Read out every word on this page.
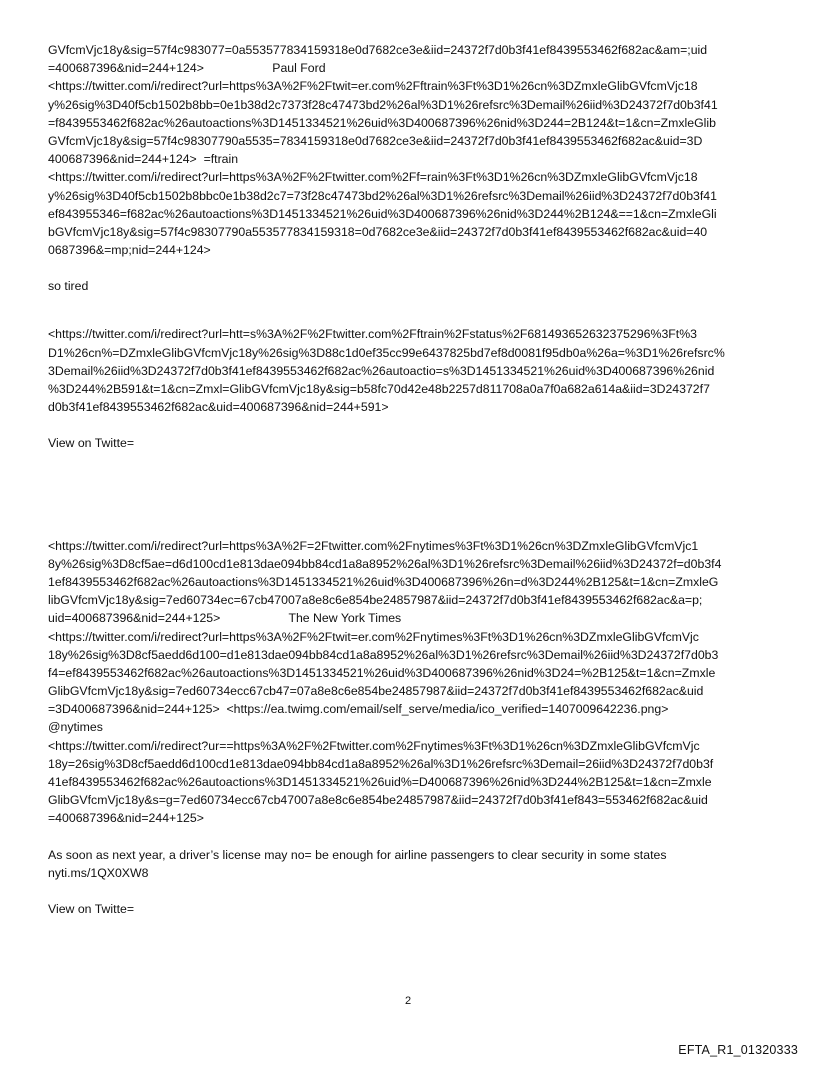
GVfcmVjc18y&sig=57f4c983077=0a553577834159318e0d7682ce3e&iid=24372f7d0b3f41ef8439553462f682ac&am=;uid
=400687396&nid=244+124>                    Paul Ford
<https://twitter.com/i/redirect?url=https%3A%2F%2Ftwit=er.com%2Fftrain%3Ft%3D1%26cn%3DZmxleGlibGVfcmVjc18
y%26sig%3D40f5cb1502b8bb=0e1b38d2c7373f28c47473bd2%26al%3D1%26refsrc%3Demail%26iid%3D24372f7d0b3f41
=f8439553462f682ac%26autoactions%3D1451334521%26uid%3D400687396%26nid%3D244=2B124&t=1&cn=ZmxleGlib
GVfcmVjc18y&sig=57f4c98307790a5535=7834159318e0d7682ce3e&iid=24372f7d0b3f41ef8439553462f682ac&uid=3D
400687396&nid=244+124>  =ftrain
<https://twitter.com/i/redirect?url=https%3A%2F%2Ftwitter.com%2Ff=rain%3Ft%3D1%26cn%3DZmxleGlibGVfcmVjc18
y%26sig%3D40f5cb1502b8bbc0e1b38d2c7=73f28c47473bd2%26al%3D1%26refsrc%3Demail%26iid%3D24372f7d0b3f41
ef843955346=f682ac%26autoactions%3D1451334521%26uid%3D400687396%26nid%3D244%2B124&==1&cn=ZmxleGli
bGVfcmVjc18y&sig=57f4c98307790a553577834159318=0d7682ce3e&iid=24372f7d0b3f41ef8439553462f682ac&uid=40
0687396&=mp;nid=244+124>
so tired
<https://twitter.com/i/redirect?url=htt=s%3A%2F%2Ftwitter.com%2Fftrain%2Fstatus%2F681493652632375296%3Ft%3
D1%26cn%=DZmxleGlibGVfcmVjc18y%26sig%3D88c1d0ef35cc99e6437825bd7ef8d0081f95db0a%26a=%3D1%26refsrc%
3Demail%26iid%3D24372f7d0b3f41ef8439553462f682ac%26autoactio=s%3D1451334521%26uid%3D400687396%26nid
%3D244%2B591&t=1&cn=Zmxl=GlibGVfcmVjc18y&sig=b58fc70d42e48b2257d811708a0a7f0a682a614a&iid=3D24372f7
d0b3f41ef8439553462f682ac&uid=400687396&nid=244+591>
View on Twitte=
<https://twitter.com/i/redirect?url=https%3A%2F=2Ftwitter.com%2Fnytimes%3Ft%3D1%26cn%3DZmxleGlibGVfcmVjc1
8y%26sig%3D8cf5ae=d6d100cd1e813dae094bb84cd1a8a8952%26al%3D1%26refsrc%3Demail%26iid%3D24372f=d0b3f4
1ef8439553462f682ac%26autoactions%3D1451334521%26uid%3D400687396%26n=d%3D244%2B125&t=1&cn=ZmxleG
libGVfcmVjc18y&sig=7ed60734ec=67cb47007a8e8c6e854be24857987&iid=24372f7d0b3f41ef8439553462f682ac&a=p;
uid=400687396&nid=244+125>                    The New York Times
<https://twitter.com/i/redirect?url=https%3A%2F%2Ftwit=er.com%2Fnytimes%3Ft%3D1%26cn%3DZmxleGlibGVfcmVjc
18y%26sig%3D8cf5aedd6d100=d1e813dae094bb84cd1a8a8952%26al%3D1%26refsrc%3Demail%26iid%3D24372f7d0b3
f4=ef8439553462f682ac%26autoactions%3D1451334521%26uid%3D400687396%26nid%3D24=%2B125&t=1&cn=Zmxle
GlibGVfcmVjc18y&sig=7ed60734ecc67cb47=07a8e8c6e854be24857987&iid=24372f7d0b3f41ef8439553462f682ac&uid
=3D400687396&nid=244+125>  <https://ea.twimg.com/email/self_serve/media/ico_verified=1407009642236.png>
@nytimes
<https://twitter.com/i/redirect?ur==https%3A%2F%2Ftwitter.com%2Fnytimes%3Ft%3D1%26cn%3DZmxleGlibGVfcmVjc
18y=26sig%3D8cf5aedd6d100cd1e813dae094bb84cd1a8a8952%26al%3D1%26refsrc%3Demail=26iid%3D24372f7d0b3f
41ef8439553462f682ac%26autoactions%3D1451334521%26uid%=D400687396%26nid%3D244%2B125&t=1&cn=Zmxle
GlibGVfcmVjc18y&s=g=7ed60734ecc67cb47007a8e8c6e854be24857987&iid=24372f7d0b3f41ef843=553462f682ac&uid
=400687396&nid=244+125>
As soon as next year, a driver’s license may no= be enough for airline passengers to clear security in some states
nyti.ms/1QX0XW8
View on Twitte=
2
EFTA_R1_01320333
